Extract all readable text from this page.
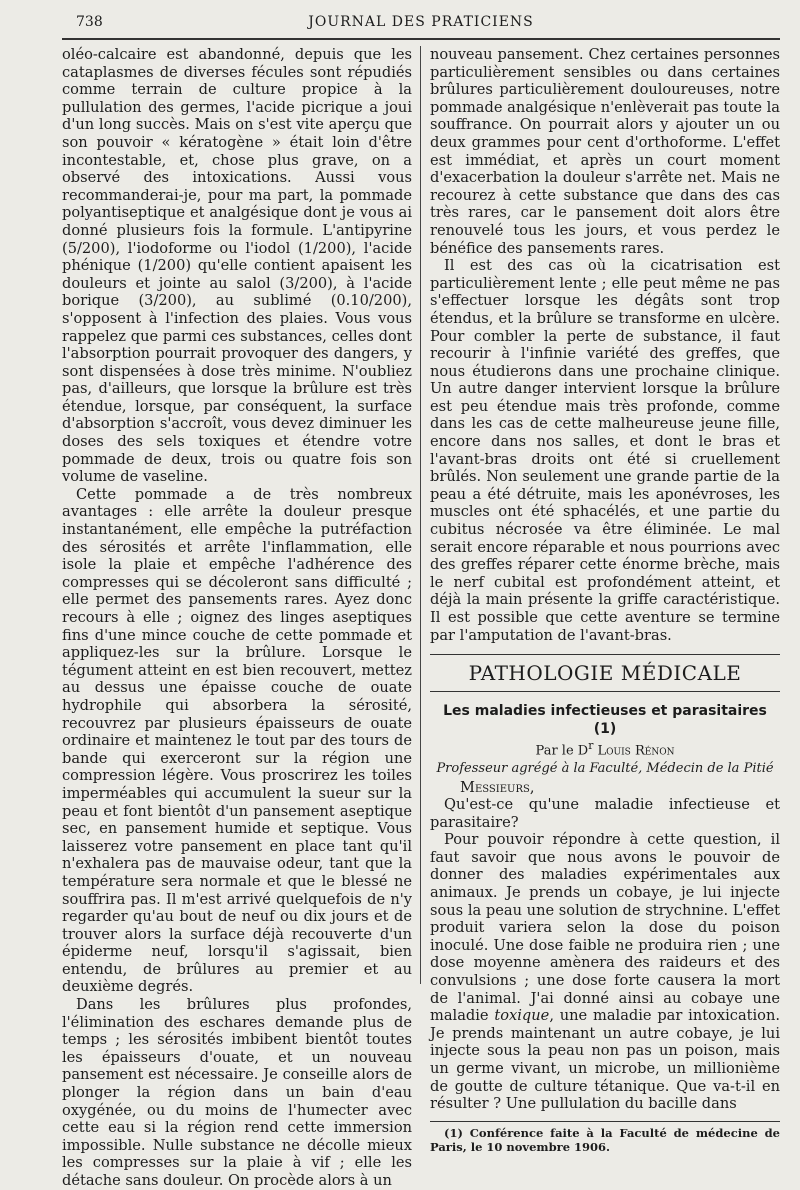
738	JOURNAL DES PRATICIENS

oléo-calcaire est abandonné, depuis que les cataplasmes de diverses fécules sont répudiés comme terrain de culture propice à la pullulation des germes, l'acide picrique a joui d'un long succès. Mais on s'est vite aperçu que son pouvoir « kératogène » était loin d'être incontestable, et, chose plus grave, on a observé des intoxications. Aussi vous recommanderai-je, pour ma part, la pommade polyantiseptique et analgésique dont je vous ai donné plusieurs fois la formule. L'antipyrine (5/200), l'iodoforme ou l'iodol (1/200), l'acide phénique (1/200) qu'elle contient apaisent les douleurs et jointe au salol (3/200), à l'acide borique (3/200), au sublimé (0.10/200), s'opposent à l'infection des plaies. Vous vous rappelez que parmi ces substances, celles dont l'absorption pourrait provoquer des dangers, y sont dispensées à dose très minime. N'oubliez pas, d'ailleurs, que lorsque la brûlure est très étendue, lorsque, par conséquent, la surface d'absorption s'accroît, vous devez diminuer les doses des sels toxiques et étendre votre pommade de deux, trois ou quatre fois son volume de vaseline.

Cette pommade a de très nombreux avantages : elle arrête la douleur presque instantanément, elle empêche la putréfaction des sérosités et arrête l'inflammation, elle isole la plaie et empêche l'adhérence des compresses qui se décoleront sans difficulté ; elle permet des pansements rares. Ayez donc recours à elle ; oignez des linges aseptiques fins d'une mince couche de cette pommade et appliquez-les sur la brûlure. Lorsque le tégument atteint en est bien recouvert, mettez au dessus une épaisse couche de ouate hydrophile qui absorbera la sérosité, recouvrez par plusieurs épaisseurs de ouate ordinaire et maintenez le tout par des tours de bande qui exerceront sur la région une compression légère. Vous proscrirez les toiles imperméables qui accumulent la sueur sur la peau et font bientôt d'un pansement aseptique sec, en pansement humide et septique. Vous laisserez votre pansement en place tant qu'il n'exhalera pas de mauvaise odeur, tant que la température sera normale et que le blessé ne souffrira pas. Il m'est arrivé quelquefois de n'y regarder qu'au bout de neuf ou dix jours et de trouver alors la surface déjà recouverte d'un épiderme neuf, lorsqu'il s'agissait, bien entendu, de brûlures au premier et au deuxième degrés.

Dans les brûlures plus profondes, l'élimination des eschares demande plus de temps ; les sérosités imbibent bientôt toutes les épaisseurs d'ouate, et un nouveau pansement est nécessaire. Je conseille alors de plonger la région dans un bain d'eau oxygénée, ou du moins de l'humecter avec cette eau si la région rend cette immersion impossible. Nulle substance ne décolle mieux les compresses sur la plaie à vif ; elle les détache sans douleur. On procède alors à un

nouveau pansement. Chez certaines personnes particulièrement sensibles ou dans certaines brûlures particulièrement douloureuses, notre pommade analgésique n'enlèverait pas toute la souffrance. On pourrait alors y ajouter un ou deux grammes pour cent d'orthoforme. L'effet est immédiat, et après un court moment d'exacerbation la douleur s'arrête net. Mais ne recourez à cette substance que dans des cas très rares, car le pansement doit alors être renouvelé tous les jours, et vous perdez le bénéfice des pansements rares.

Il est des cas où la cicatrisation est particulièrement lente ; elle peut même ne pas s'effectuer lorsque les dégâts sont trop étendus, et la brûlure se transforme en ulcère. Pour combler la perte de substance, il faut recourir à l'infinie variété des greffes, que nous étudierons dans une prochaine clinique. Un autre danger intervient lorsque la brûlure est peu étendue mais très profonde, comme dans les cas de cette malheureuse jeune fille, encore dans nos salles, et dont le bras et l'avant-bras droits ont été si cruellement brûlés. Non seulement une grande partie de la peau a été détruite, mais les aponévroses, les muscles ont été sphacélés, et une partie du cubitus nécrosée va être éliminée. Le mal serait encore réparable et nous pourrions avec des greffes réparer cette énorme brèche, mais le nerf cubital est profondément atteint, et déjà la main présente la griffe caractéristique. Il est possible que cette aventure se termine par l'amputation de l'avant-bras.

PATHOLOGIE MÉDICALE
Les maladies infectieuses et parasitaires (1)
Par le $D^r$ Louis Rénon
Professeur agrégé à la Faculté, Médecin de la Pitié

Messieurs,

Qu'est-ce qu'une maladie infectieuse et parasitaire?

Pour pouvoir répondre à cette question, il faut savoir que nous avons le pouvoir de donner des maladies expérimentales aux animaux. Je prends un cobaye, je lui injecte sous la peau une solution de strychnine. L'effet produit variera selon la dose du poison inoculé. Une dose faible ne produira rien ; une dose moyenne amènera des raideurs et des convulsions ; une dose forte causera la mort de l'animal. J'ai donné ainsi au cobaye une maladie toxique, une maladie par intoxication. Je prends maintenant un autre cobaye, je lui injecte sous la peau non pas un poison, mais un germe vivant, un microbe, un millionième de goutte de culture tétanique. Que va-t-il en résulter ? Une pullulation du bacille dans

(1) Conférence faite à la Faculté de médecine de Paris, le 10 novembre 1906.
